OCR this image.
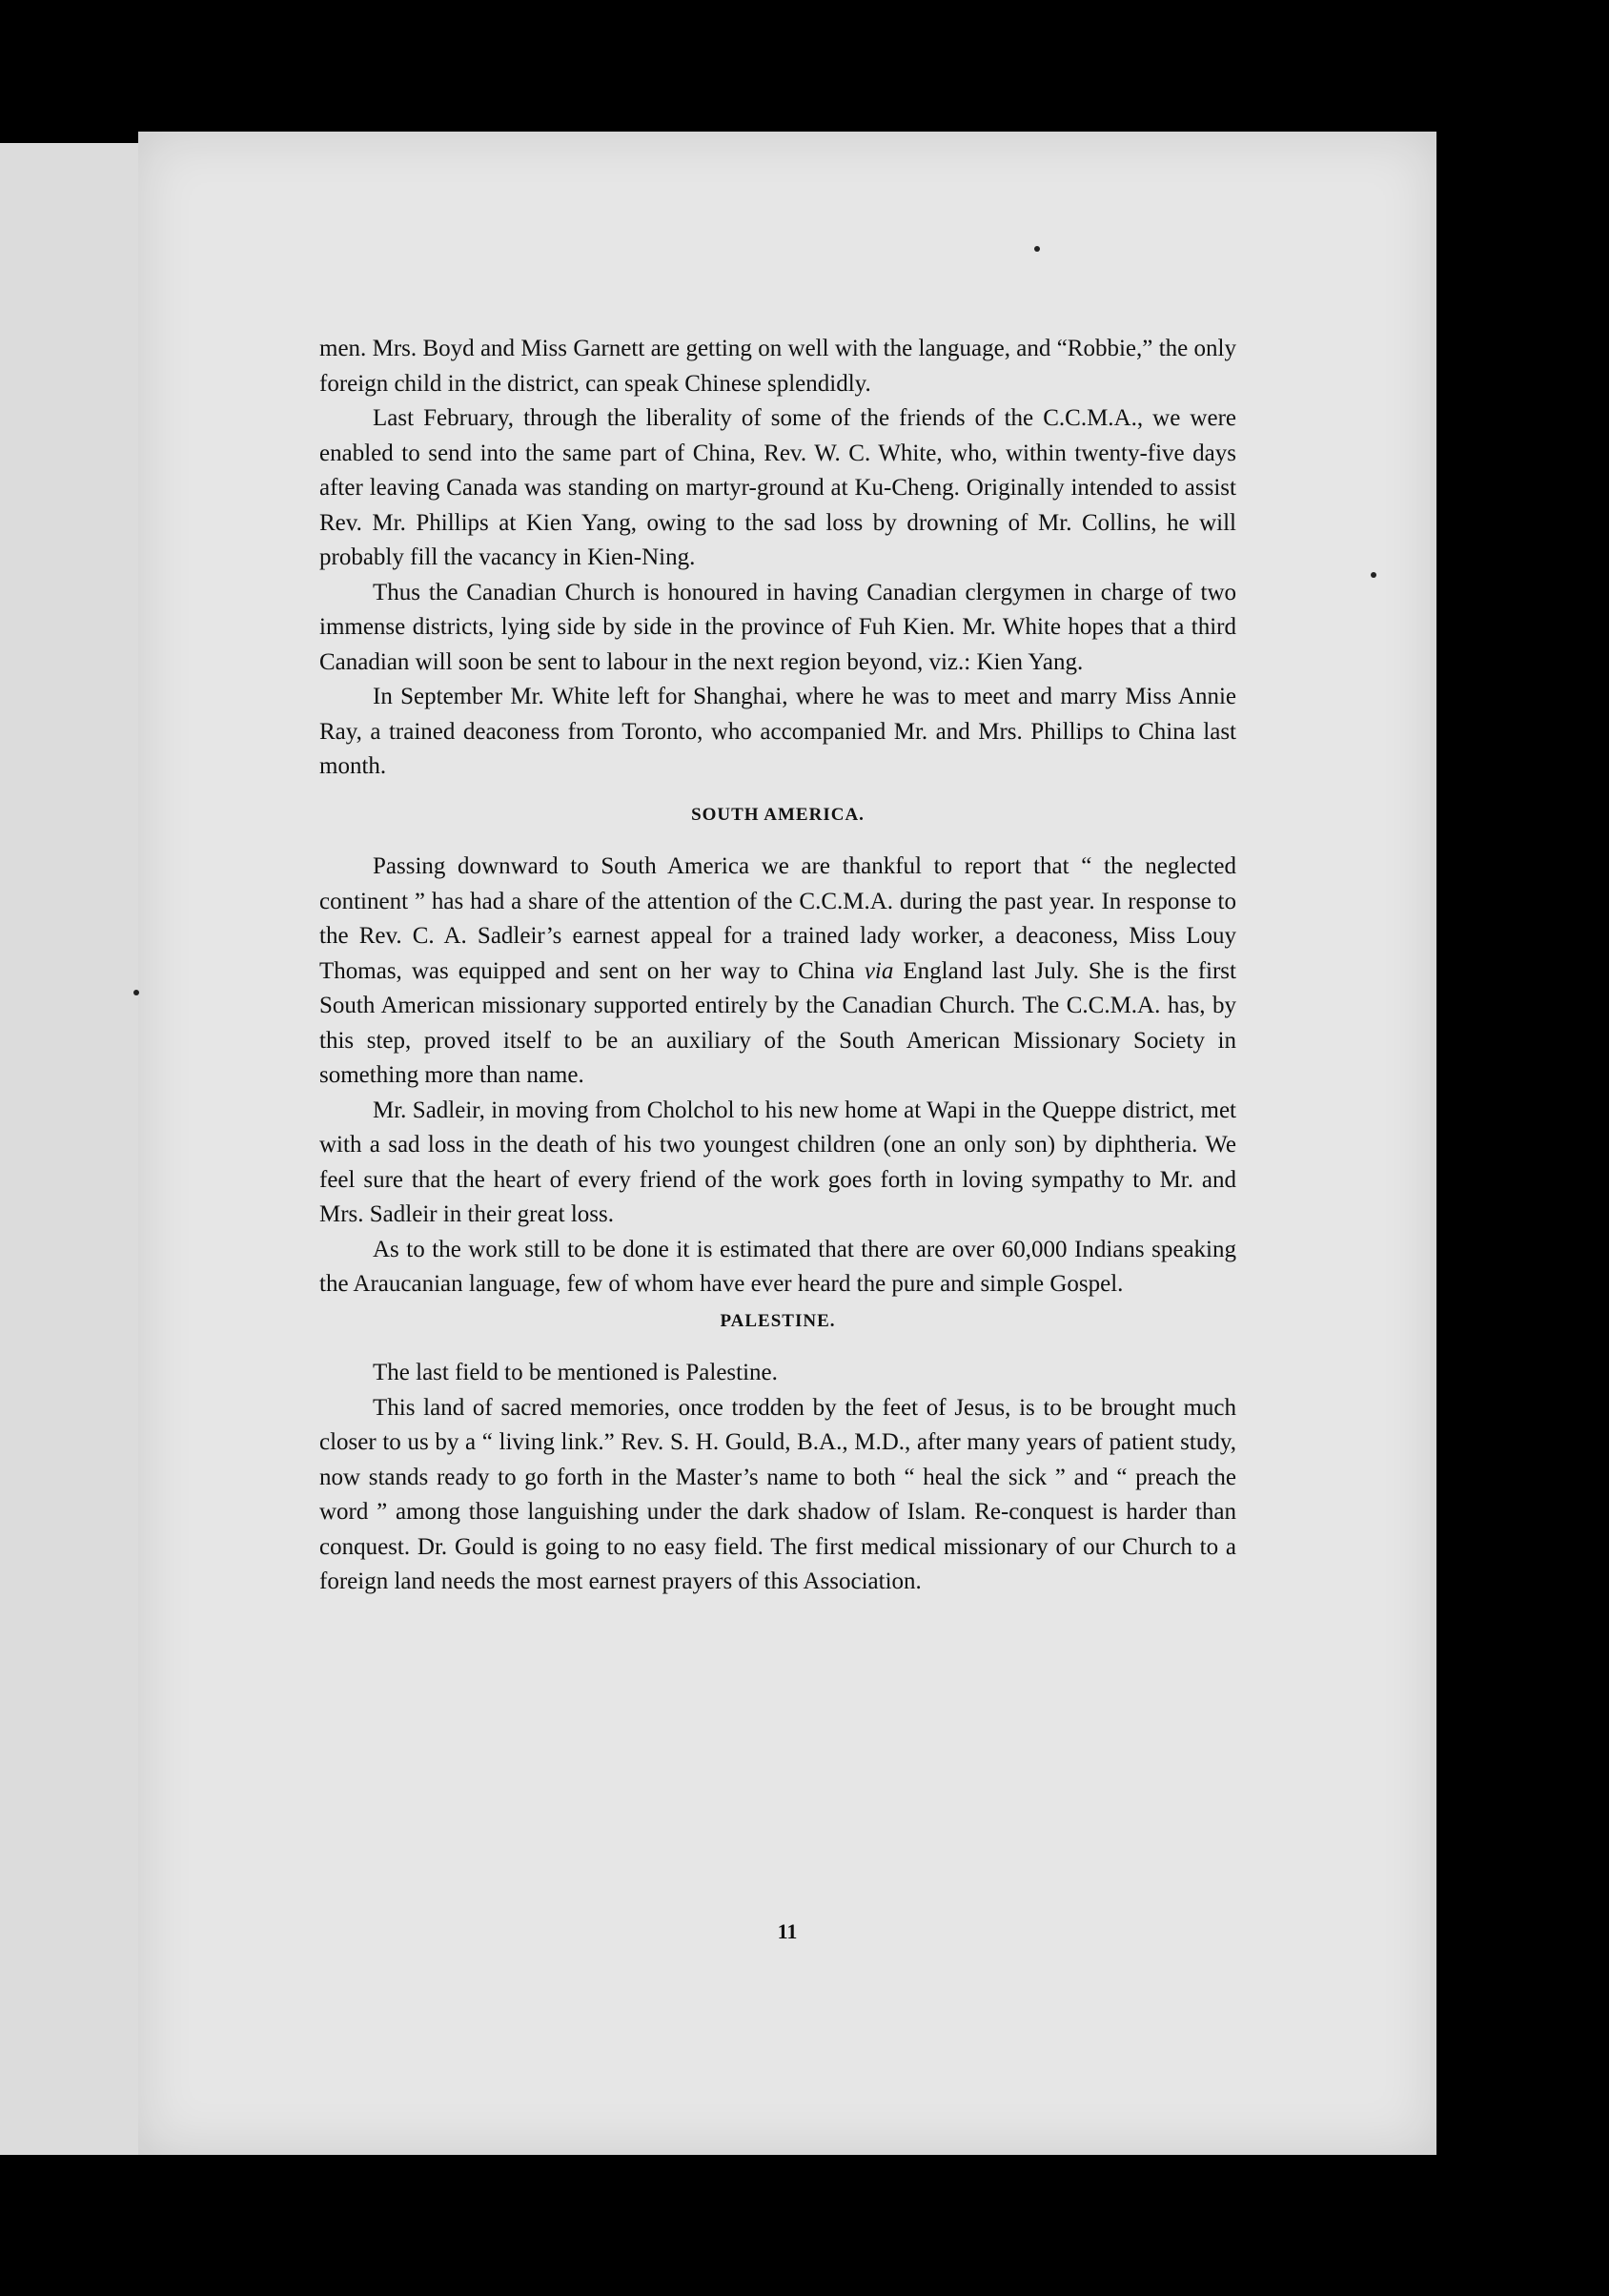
men. Mrs. Boyd and Miss Garnett are getting on well with the language, and “Robbie,” the only foreign child in the district, can speak Chinese splendidly.

Last February, through the liberality of some of the friends of the C.C.M.A., we were enabled to send into the same part of China, Rev. W. C. White, who, within twenty-five days after leaving Canada was standing on martyr-ground at Ku-Cheng. Originally intended to assist Rev. Mr. Phillips at Kien Yang, owing to the sad loss by drowning of Mr. Collins, he will probably fill the vacancy in Kien-Ning.

Thus the Canadian Church is honoured in having Canadian clergymen in charge of two immense districts, lying side by side in the province of Fuh Kien. Mr. White hopes that a third Canadian will soon be sent to labour in the next region beyond, viz.: Kien Yang.

In September Mr. White left for Shanghai, where he was to meet and marry Miss Annie Ray, a trained deaconess from Toronto, who accompanied Mr. and Mrs. Phillips to China last month.

SOUTH AMERICA.

Passing downward to South America we are thankful to report that “ the neglected continent ” has had a share of the attention of the C.C.M.A. during the past year. In response to the Rev. C. A. Sadleir’s earnest appeal for a trained lady worker, a deaconess, Miss Louy Thomas, was equipped and sent on her way to China via England last July. She is the first South American missionary supported entirely by the Canadian Church. The C.C.M.A. has, by this step, proved itself to be an auxiliary of the South American Missionary Society in something more than name.

Mr. Sadleir, in moving from Cholchol to his new home at Wapi in the Queppe district, met with a sad loss in the death of his two youngest children (one an only son) by diphtheria. We feel sure that the heart of every friend of the work goes forth in loving sympathy to Mr. and Mrs. Sadleir in their great loss.

As to the work still to be done it is estimated that there are over 60,000 Indians speaking the Araucanian language, few of whom have ever heard the pure and simple Gospel.

PALESTINE.

The last field to be mentioned is Palestine.

This land of sacred memories, once trodden by the feet of Jesus, is to be brought much closer to us by a “ living link.” Rev. S. H. Gould, B.A., M.D., after many years of patient study, now stands ready to go forth in the Master’s name to both “ heal the sick ” and “ preach the word ” among those languishing under the dark shadow of Islam. Re-conquest is harder than conquest. Dr. Gould is going to no easy field. The first medical missionary of our Church to a foreign land needs the most earnest prayers of this Association.

11
